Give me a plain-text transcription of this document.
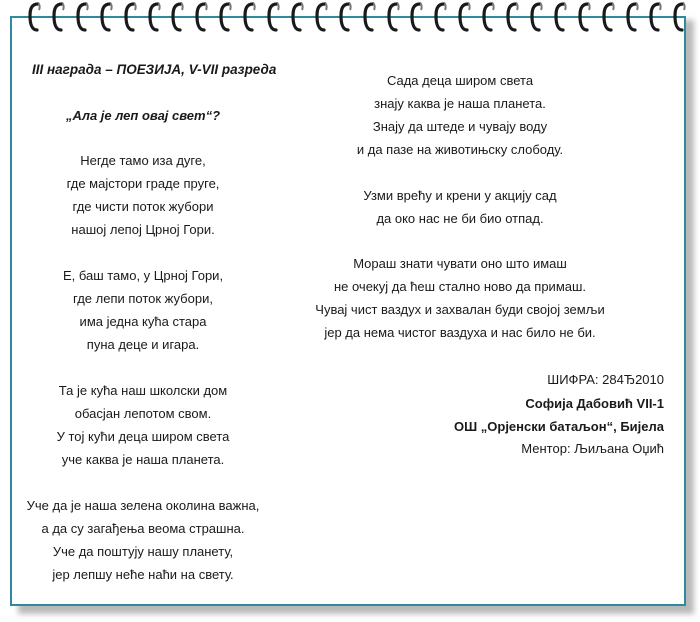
III награда – ПОЕЗИЈА, V-VII разреда
„Ала је леп овај свет“?
Негде тамо иза дуге,
где мајстори граде пруге,
где чисти поток жубори
нашој лепој Црној Гори.
Е, баш тамо, у Црној Гори,
где лепи поток жубори,
има једна кућа стара
пуна деце и игара.
Та је кућа наш школски дом
обасјан лепотом свом.
У тој кући деца широм света
уче каква је наша планета.
Уче да је наша зелена околина важна,
а да су загађења веома страшна.
Уче да поштују нашу планету,
јер лепшу неће наћи на свету.
Сада деца широм света
знају каква је наша планета.
Знају да штеде и чувају воду
и да пазе на животињску слободу.
Узми врећу и крени у акцију сад
да око нас не би био отпад.
Мораш знати чувати оно што имаш
не очекуј да ћеш стално ново да примаш.
Чувај чист ваздух и захвалан буди својој земљи
јер да нема чистог ваздуха и нас било не би.
ШИФРА: 284Ђ2010
Софија Дабовић VII-1
ОШ „Орјенски батаљон“, Бијела
Ментор: Љиљана Оџић
